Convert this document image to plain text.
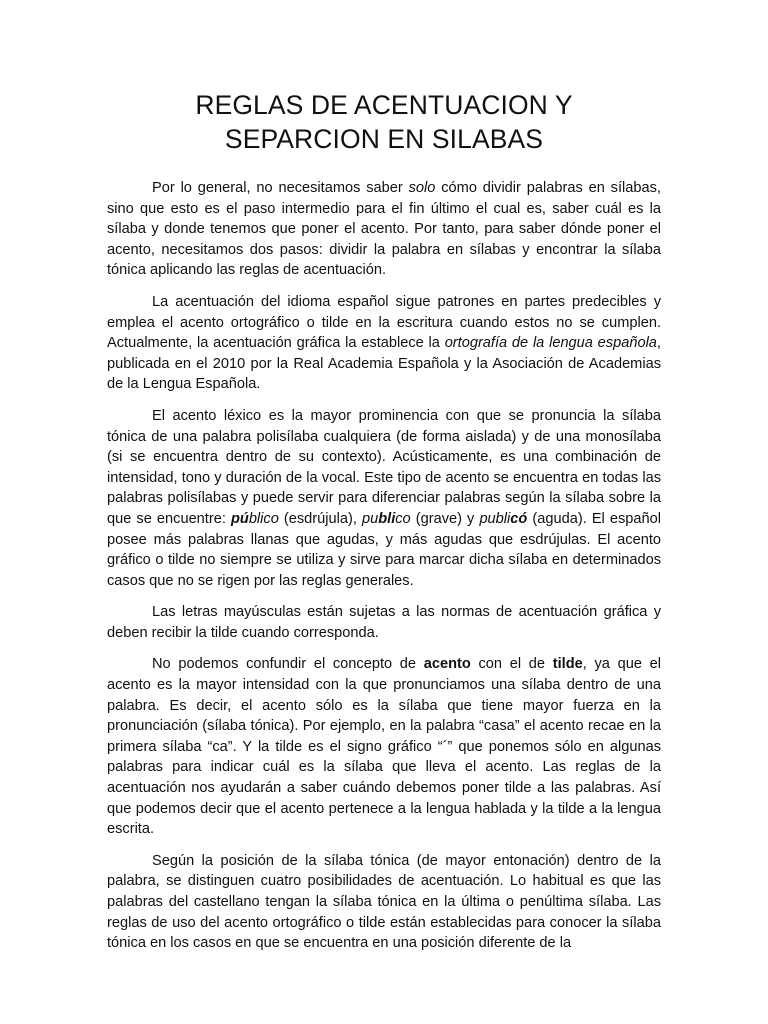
REGLAS DE ACENTUACION Y
SEPARCION EN SILABAS

Por lo general, no necesitamos saber solo cómo dividir palabras en sílabas, sino que esto es el paso intermedio para el fin último el cual es, saber cuál es la sílaba y donde tenemos que poner el acento. Por tanto, para saber dónde poner el acento, necesitamos dos pasos: dividir la palabra en sílabas y encontrar la sílaba tónica aplicando las reglas de acentuación.

La acentuación del idioma español sigue patrones en partes predecibles y emplea el acento ortográfico o tilde en la escritura cuando estos no se cumplen. Actualmente, la acentuación gráfica la establece la ortografía de la lengua española, publicada en el 2010 por la Real Academia Española y la Asociación de Academias de la Lengua Española.

El acento léxico es la mayor prominencia con que se pronuncia la sílaba tónica de una palabra polisílaba cualquiera (de forma aislada) y de una monosílaba (si se encuentra dentro de su contexto). Acústicamente, es una combinación de intensidad, tono y duración de la vocal. Este tipo de acento se encuentra en todas las palabras polisílabas y puede servir para diferenciar palabras según la sílaba sobre la que se encuentre: público (esdrújula), publico (grave) y publicó (aguda). El español posee más palabras llanas que agudas, y más agudas que esdrújulas. El acento gráfico o tilde no siempre se utiliza y sirve para marcar dicha sílaba en determinados casos que no se rigen por las reglas generales.

Las letras mayúsculas están sujetas a las normas de acentuación gráfica y deben recibir la tilde cuando corresponda.

No podemos confundir el concepto de acento con el de tilde, ya que el acento es la mayor intensidad con la que pronunciamos una sílaba dentro de una palabra. Es decir, el acento sólo es la sílaba que tiene mayor fuerza en la pronunciación (sílaba tónica). Por ejemplo, en la palabra “casa” el acento recae en la primera sílaba “ca”. Y la tilde es el signo gráfico “´” que ponemos sólo en algunas palabras para indicar cuál es la sílaba que lleva el acento. Las reglas de la acentuación nos ayudarán a saber cuándo debemos poner tilde a las palabras. Así que podemos decir que el acento pertenece a la lengua hablada y la tilde a la lengua escrita.

Según la posición de la sílaba tónica (de mayor entonación) dentro de la palabra, se distinguen cuatro posibilidades de acentuación. Lo habitual es que las palabras del castellano tengan la sílaba tónica en la última o penúltima sílaba. Las reglas de uso del acento ortográfico o tilde están establecidas para conocer la sílaba tónica en los casos en que se encuentra en una posición diferente de la
